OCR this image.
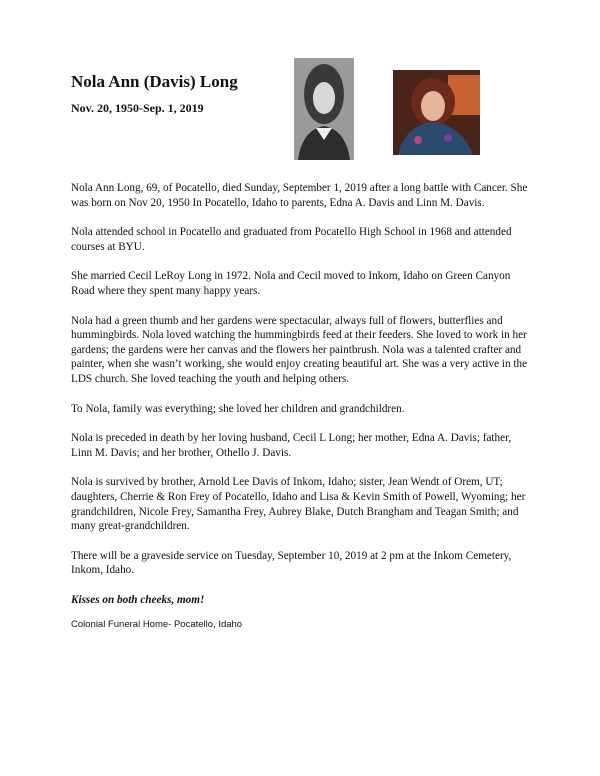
Nola Ann (Davis) Long

Nov. 20, 1950-Sep. 1, 2019

Nola Ann Long, 69, of Pocatello, died Sunday, September 1, 2019 after a long battle with Cancer. She was born on Nov 20, 1950 In Pocatello, Idaho to parents, Edna A. Davis and Linn M. Davis.

Nola attended school in Pocatello and graduated from Pocatello High School in 1968 and attended courses at BYU.

She married Cecil LeRoy Long in 1972. Nola and Cecil moved to Inkom, Idaho on Green Canyon Road where they spent many happy years.

Nola had a green thumb and her gardens were spectacular, always full of flowers, butterflies and hummingbirds. Nola loved watching the hummingbirds feed at their feeders. She loved to work in her gardens; the gardens were her canvas and the flowers her paintbrush. Nola was a talented crafter and painter, when she wasn’t working, she would enjoy creating beautiful art. She was a very active in the LDS church. She loved teaching the youth and helping others.

To Nola, family was everything; she loved her children and grandchildren.

Nola is preceded in death by her loving husband, Cecil L Long; her mother, Edna A. Davis; father, Linn M. Davis; and her brother, Othello J. Davis.

Nola is survived by brother, Arnold Lee Davis of Inkom, Idaho; sister, Jean Wendt of Orem, UT; daughters, Cherrie & Ron Frey of Pocatello, Idaho and Lisa & Kevin Smith of Powell, Wyoming; her grandchildren, Nicole Frey, Samantha Frey, Aubrey Blake, Dutch Brangham and Teagan Smith; and many great-grandchildren.

There will be a graveside service on Tuesday, September 10, 2019 at 2 pm at the Inkom Cemetery, Inkom, Idaho.

Kisses on both cheeks, mom!

Colonial Funeral Home- Pocatello, Idaho
